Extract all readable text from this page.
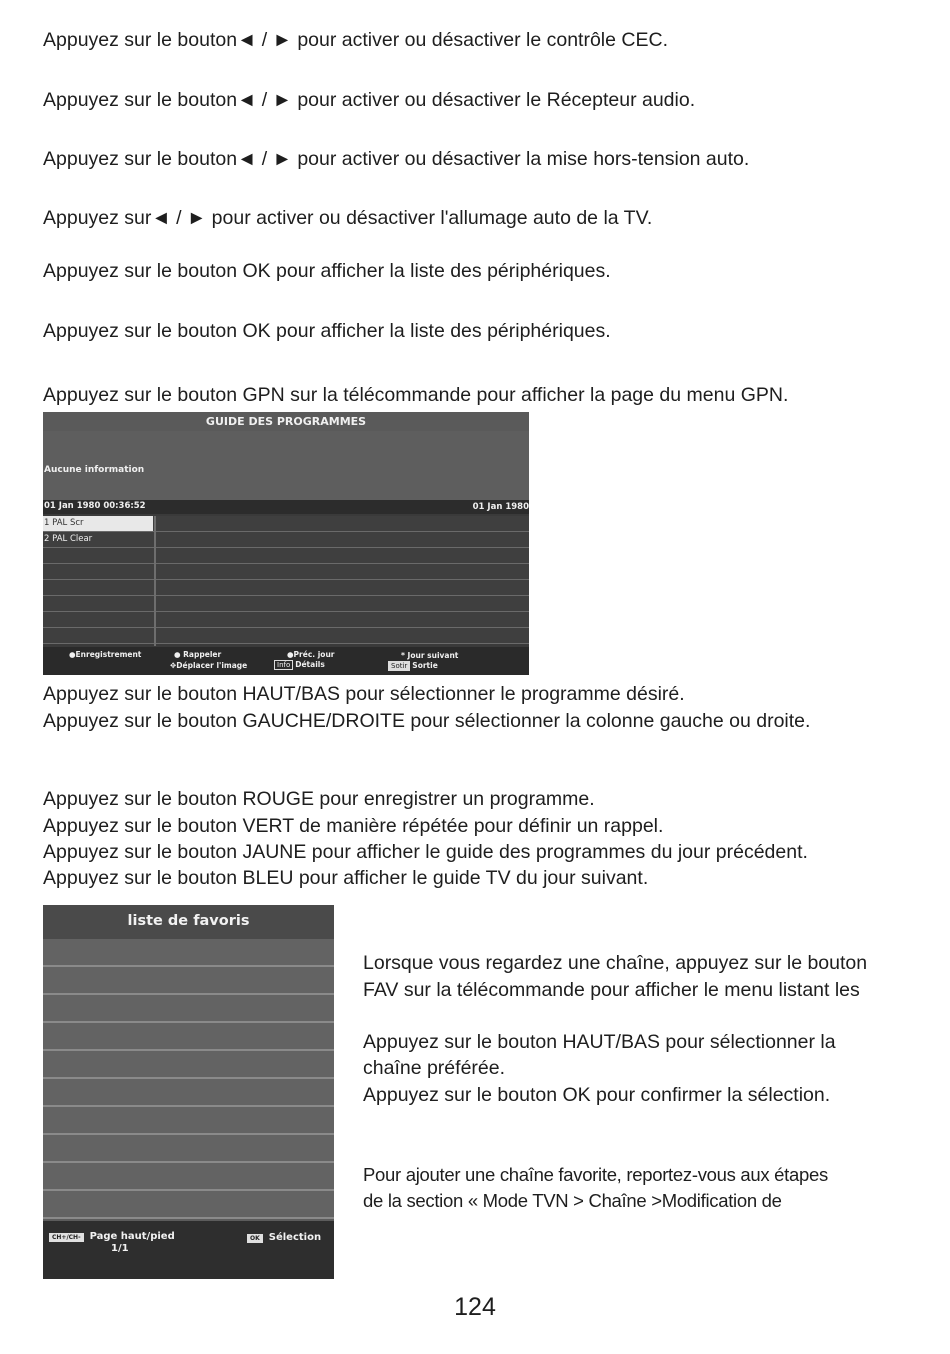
Appuyez sur le bouton◄ / ► pour activer ou désactiver le contrôle CEC.
Appuyez sur le bouton◄ / ► pour activer ou désactiver le Récepteur audio.
Appuyez sur le bouton◄ / ► pour activer ou désactiver la mise hors-tension auto.
Appuyez sur◄ / ► pour activer ou désactiver l'allumage auto de la TV.
Appuyez sur le bouton OK pour afficher la liste des périphériques.
Appuyez sur le bouton OK pour afficher la liste des périphériques.
Appuyez sur le bouton GPN sur la télécommande pour afficher la page du menu GPN.
GUIDE DES PROGRAMMES
Aucune information
01 Jan 1980 00:36:52	01 Jan 1980
1 PAL Scr
2 PAL Clear
●Enregistrement	● Rappeler
✥Déplacer l'image
●Préc. jour
Info Détails
* Jour suivant
Sotir Sortie
Appuyez sur le bouton HAUT/BAS pour sélectionner le programme désiré.
Appuyez sur le bouton GAUCHE/DROITE pour sélectionner la colonne gauche ou droite.
Appuyez sur le bouton ROUGE pour enregistrer un programme.
Appuyez sur le bouton VERT de manière répétée pour définir un rappel.
Appuyez sur le bouton JAUNE pour afficher le guide des programmes du jour précédent.
Appuyez sur le bouton BLEU pour afficher le guide TV du jour suivant.
liste de favoris
CH+/CH- Page haut/pied
1/1
OK Sélection
Lorsque vous regardez une chaîne, appuyez sur le bouton
FAV sur la télécommande pour afficher le menu listant les
Appuyez sur le bouton HAUT/BAS pour sélectionner la
chaîne préférée.
Appuyez sur le bouton OK pour confirmer la sélection.
Pour ajouter une chaîne favorite, reportez-vous aux étapes
de la section « Mode TVN > Chaîne >Modification de
124
